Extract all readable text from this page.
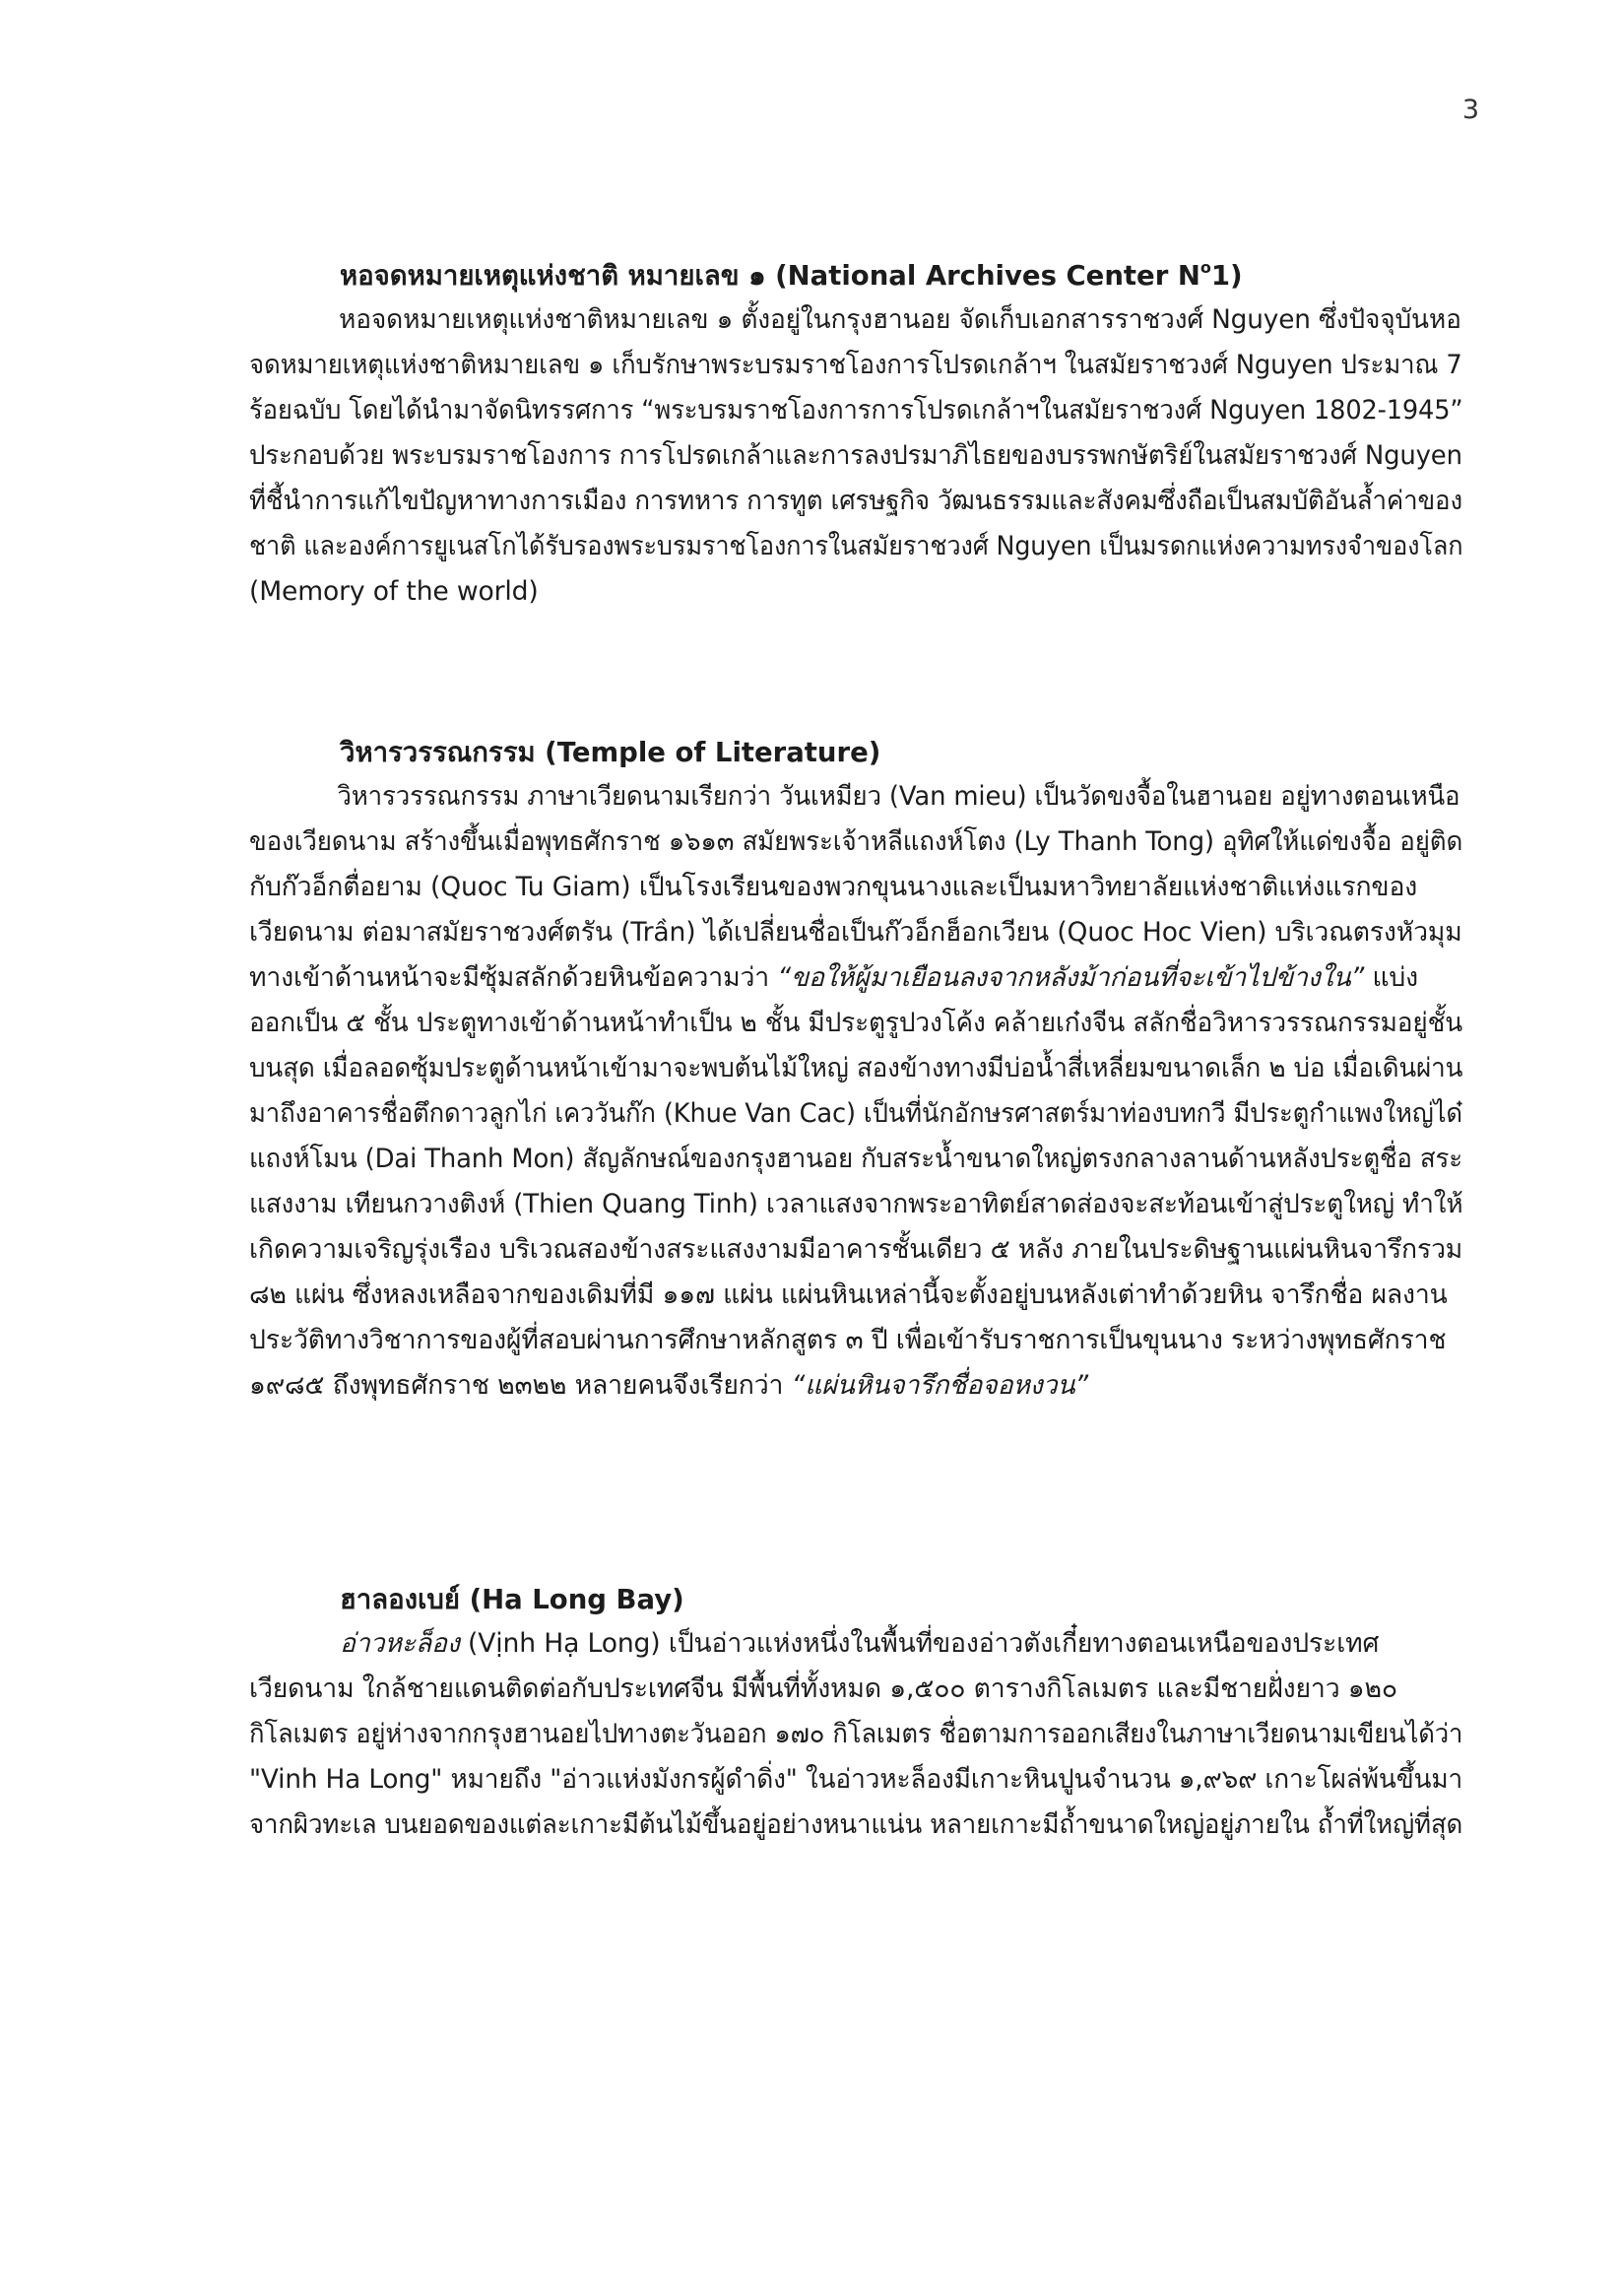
3
หอจดหมายเหตุแห่งชาติ หมายเลข ๑ (National Archives Center $N^o1$)

หอจดหมายเหตุแห่งชาติหมายเลข ๑ ตั้งอยู่ในกรุงฮานอย จัดเก็บเอกสารราชวงศ์ Nguyen ซึ่งปัจจุบันหอ
จดหมายเหตุแห่งชาติหมายเลข ๑ เก็บรักษาพระบรมราชโองการโปรดเกล้าฯ ในสมัยราชวงศ์ Nguyen ประมาณ 7
ร้อยฉบับ โดยได้นำมาจัดนิทรรศการ “พระบรมราชโองการการโปรดเกล้าฯในสมัยราชวงศ์ Nguyen 1802-1945”
ประกอบด้วย พระบรมราชโองการ การโปรดเกล้าและการลงปรมาภิไธยของบรรพกษัตริย์ในสมัยราชวงศ์ Nguyen
ที่ชี้นำการแก้ไขปัญหาทางการเมือง การทหาร การทูต เศรษฐกิจ วัฒนธรรมและสังคมซึ่งถือเป็นสมบัติอันล้ำค่าของ
ชาติ และองค์การยูเนสโกได้รับรองพระบรมราชโองการในสมัยราชวงศ์ Nguyen เป็นมรดกแห่งความทรงจำของโลก
(Memory of the world)

วิหารวรรณกรรม (Temple of Literature)

วิหารวรรณกรรม ภาษาเวียดนามเรียกว่า วันเหมียว (Van mieu) เป็นวัดขงจื้อในฮานอย อยู่ทางตอนเหนือ
ของเวียดนาม สร้างขึ้นเมื่อพุทธศักราช ๑๖๑๓ สมัยพระเจ้าหลีแถงห์โตง (Ly Thanh Tong) อุทิศให้แด่ขงจื้อ อยู่ติด
กับก๊วอ็กตื่อยาม (Quoc Tu Giam) เป็นโรงเรียนของพวกขุนนางและเป็นมหาวิทยาลัยแห่งชาติแห่งแรกของ
เวียดนาม ต่อมาสมัยราชวงศ์ตรัน (Trần) ได้เปลี่ยนชื่อเป็นก๊วอ็กฮ็อกเวียน (Quoc Hoc Vien) บริเวณตรงหัวมุม
ทางเข้าด้านหน้าจะมีซุ้มสลักด้วยหินข้อความว่า “ขอให้ผู้มาเยือนลงจากหลังม้าก่อนที่จะเข้าไปข้างใน” แบ่ง
ออกเป็น ๕ ชั้น ประตูทางเข้าด้านหน้าทำเป็น ๒ ชั้น มีประตูรูปวงโค้ง คล้ายเก๋งจีน สลักชื่อวิหารวรรณกรรมอยู่ชั้น
บนสุด เมื่อลอดซุ้มประตูด้านหน้าเข้ามาจะพบต้นไม้ใหญ่ สองข้างทางมีบ่อน้ำสี่เหลี่ยมขนาดเล็ก ๒ บ่อ เมื่อเดินผ่าน
มาถึงอาคารชื่อตึกดาวลูกไก่ เคววันก๊ก (Khue Van Cac) เป็นที่นักอักษรศาสตร์มาท่องบทกวี มีประตูกำแพงใหญ่ได๋
แถงห์โมน (Dai Thanh Mon) สัญลักษณ์ของกรุงฮานอย กับสระน้ำขนาดใหญ่ตรงกลางลานด้านหลังประตูชื่อ สระ
แสงงาม เทียนกวางติงห์ (Thien Quang Tinh) เวลาแสงจากพระอาทิตย์สาดส่องจะสะท้อนเข้าสู่ประตูใหญ่ ทำให้
เกิดความเจริญรุ่งเรือง บริเวณสองข้างสระแสงงามมีอาคารชั้นเดียว ๕ หลัง ภายในประดิษฐานแผ่นหินจารึกรวม
๘๒ แผ่น ซึ่งหลงเหลือจากของเดิมที่มี ๑๑๗ แผ่น แผ่นหินเหล่านี้จะตั้งอยู่บนหลังเต่าทำด้วยหิน จารึกชื่อ ผลงาน
ประวัติทางวิชาการของผู้ที่สอบผ่านการศึกษาหลักสูตร ๓ ปี เพื่อเข้ารับราชการเป็นขุนนาง ระหว่างพุทธศักราช
๑๙๘๕ ถึงพุทธศักราช ๒๓๒๒ หลายคนจึงเรียกว่า “แผ่นหินจารึกชื่อจอหงวน”

ฮาลองเบย์ (Ha Long Bay)

อ่าวหะล็อง (Vịnh Hạ Long) เป็นอ่าวแห่งหนึ่งในพื้นที่ของอ่าวตังเกี๋ยทางตอนเหนือของประเทศ
เวียดนาม ใกล้ชายแดนติดต่อกับประเทศจีน มีพื้นที่ทั้งหมด ๑,๕๐๐ ตารางกิโลเมตร และมีชายฝั่งยาว ๑๒๐
กิโลเมตร อยู่ห่างจากกรุงฮานอยไปทางตะวันออก ๑๗๐ กิโลเมตร ชื่อตามการออกเสียงในภาษาเวียดนามเขียนได้ว่า
"Vinh Ha Long" หมายถึง "อ่าวแห่งมังกรผู้ดำดิ่ง" ในอ่าวหะล็องมีเกาะหินปูนจำนวน ๑,๙๖๙ เกาะโผล่พ้นขึ้นมา
จากผิวทะเล บนยอดของแต่ละเกาะมีต้นไม้ขึ้นอยู่อย่างหนาแน่น หลายเกาะมีถ้ำขนาดใหญ่อยู่ภายใน ถ้ำที่ใหญ่ที่สุด
